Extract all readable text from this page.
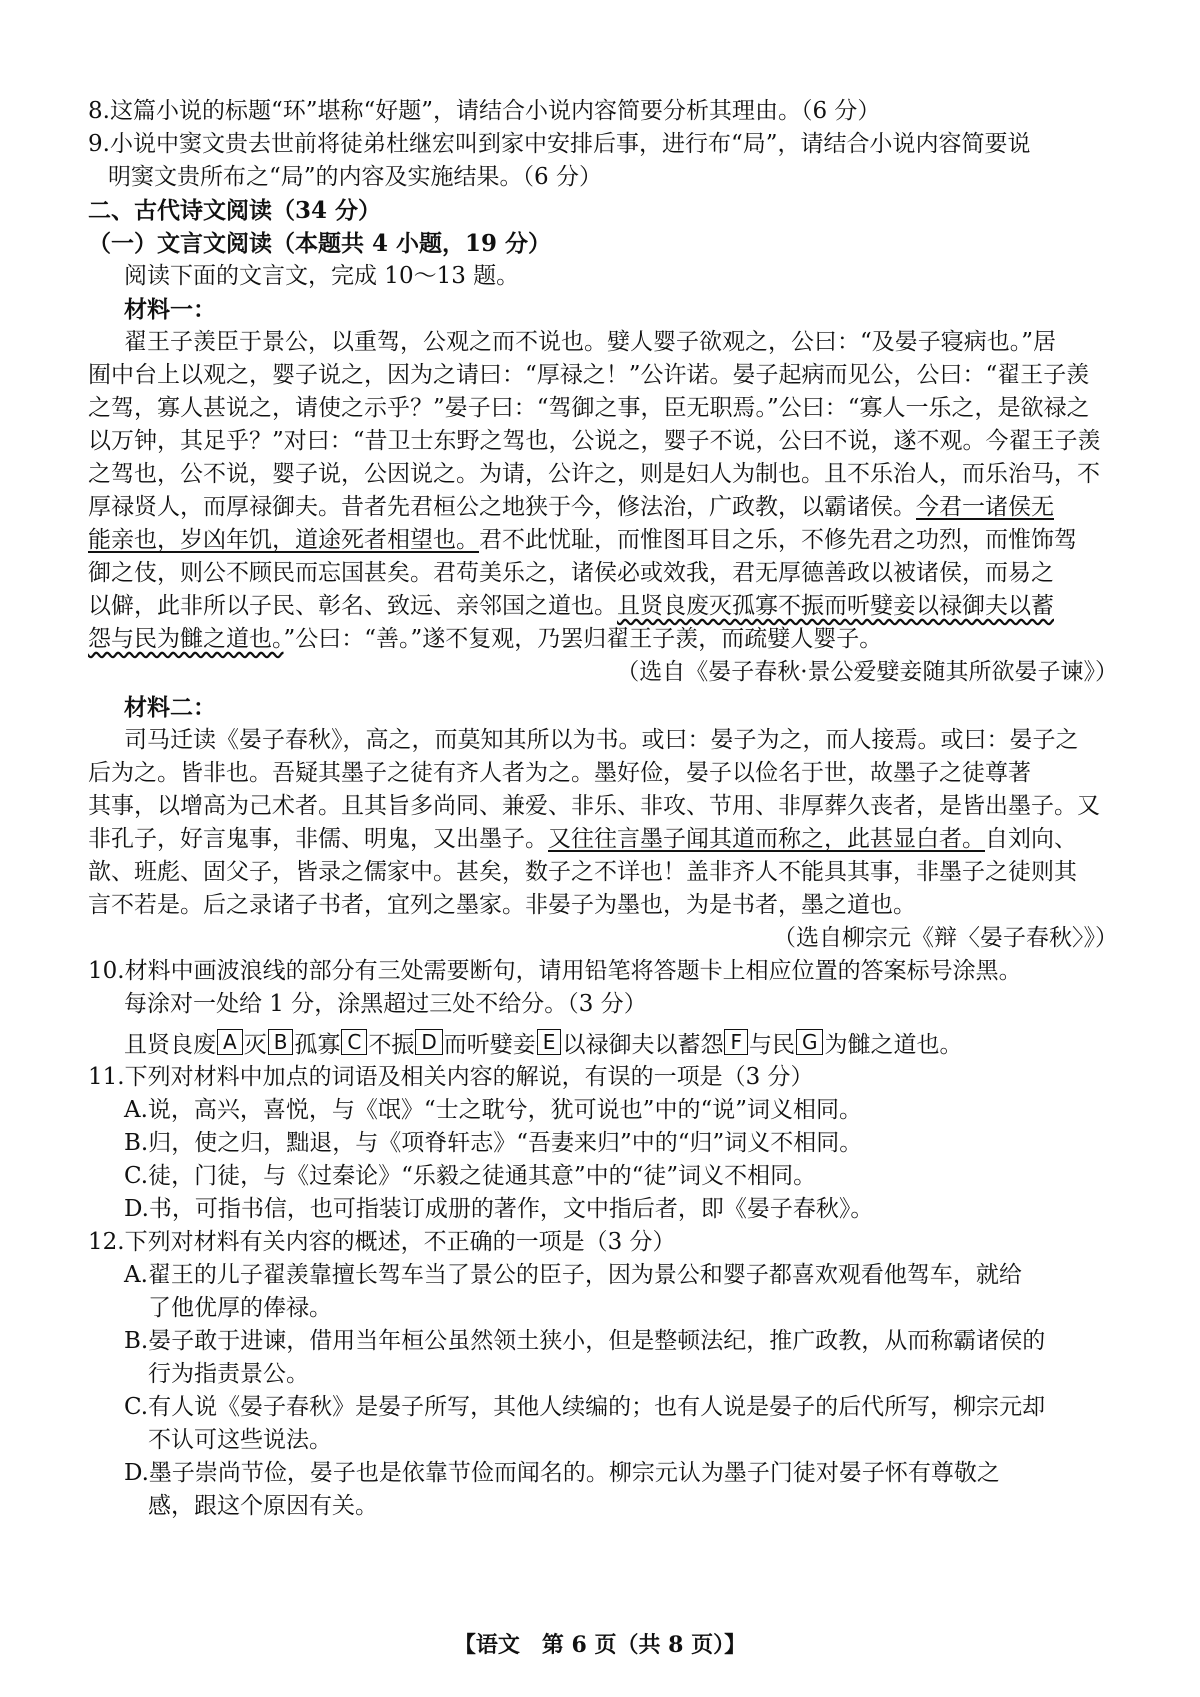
8.这篇小说的标题“环”堪称“好题”，请结合小说内容简要分析其理由。（6 分）
9.小说中窦文贵去世前将徒弟杜继宏叫到家中安排后事，进行布“局”，请结合小说内容简要说
明窦文贵所布之“局”的内容及实施结果。（6 分）
二、古代诗文阅读（34 分）
（一）文言文阅读（本题共 4 小题，19 分）
阅读下面的文言文，完成 10～13 题。
材料一：
翟王子羡臣于景公，以重驾，公观之而不说也。嬖人婴子欲观之，公曰：“及晏子寝病也。”居
囿中台上以观之，婴子说之，因为之请曰：“厚禄之！”公许诺。晏子起病而见公，公曰：“翟王子羡
之驾，寡人甚说之，请使之示乎？”晏子曰：“驾御之事，臣无职焉。”公曰：“寡人一乐之，是欲禄之
以万钟，其足乎？”对曰：“昔卫士东野之驾也，公说之，婴子不说，公曰不说，遂不观。今翟王子羡
之驾也，公不说，婴子说，公因说之。为请，公许之，则是妇人为制也。且不乐治人，而乐治马，不
厚禄贤人，而厚禄御夫。昔者先君桓公之地狭于今，修法治，广政教，以霸诸侯。今君一诸侯无
能亲也，岁凶年饥，道途死者相望也。君不此忧耻，而惟图耳目之乐，不修先君之功烈，而惟饰驾
御之伎，则公不顾民而忘国甚矣。君苟美乐之，诸侯必或效我，君无厚德善政以被诸侯，而易之
以僻，此非所以子民、彰名、致远、亲邻国之道也。且贤良废灭孤寡不振而听嬖妾以禄御夫以蓄
怨与民为雠之道也。”公曰：“善。”遂不复观，乃罢归翟王子羡，而疏嬖人婴子。
（选自《晏子春秋·景公爱嬖妾随其所欲晏子谏》）
材料二：
司马迁读《晏子春秋》，高之，而莫知其所以为书。或曰：晏子为之，而人接焉。或曰：晏子之
后为之。皆非也。吾疑其墨子之徒有齐人者为之。墨好俭，晏子以俭名于世，故墨子之徒尊著
其事，以增高为己术者。且其旨多尚同、兼爱、非乐、非攻、节用、非厚葬久丧者，是皆出墨子。又
非孔子，好言鬼事，非儒、明鬼，又出墨子。又往往言墨子闻其道而称之，此甚显白者。自刘向、
歆、班彪、固父子，皆录之儒家中。甚矣，数子之不详也！盖非齐人不能具其事，非墨子之徒则其
言不若是。后之录诸子书者，宜列之墨家。非晏子为墨也，为是书者，墨之道也。
（选自柳宗元《辩〈晏子春秋〉》）
10.材料中画波浪线的部分有三处需要断句，请用铅笔将答题卡上相应位置的答案标号涂黑。
每涂对一处给 1 分，涂黑超过三处不给分。（3 分）
且贤良废 A 灭 B 孤寡 C 不振 D 而听嬖妾 E 以禄御夫以蓄怨 F 与民 G 为雠之道也。
11.下列对材料中加点的词语及相关内容的解说，有误的一项是（3 分）
A.说，高兴，喜悦，与《氓》“士之耽兮，犹可说也”中的“说”词义相同。
B.归，使之归，黜退，与《项脊轩志》“吾妻来归”中的“归”词义不相同。
C.徒，门徒，与《过秦论》“乐毅之徒通其意”中的“徒”词义不相同。
D.书，可指书信，也可指装订成册的著作，文中指后者，即《晏子春秋》。
12.下列对材料有关内容的概述，不正确的一项是（3 分）
A.翟王的儿子翟羡靠擅长驾车当了景公的臣子，因为景公和婴子都喜欢观看他驾车，就给
了他优厚的俸禄。
B.晏子敢于进谏，借用当年桓公虽然领土狭小，但是整顿法纪，推广政教，从而称霸诸侯的
行为指责景公。
C.有人说《晏子春秋》是晏子所写，其他人续编的；也有人说是晏子的后代所写，柳宗元却
不认可这些说法。
D.墨子崇尚节俭，晏子也是依靠节俭而闻名的。柳宗元认为墨子门徒对晏子怀有尊敬之
感，跟这个原因有关。
【语文　第 6 页（共 8 页）】
